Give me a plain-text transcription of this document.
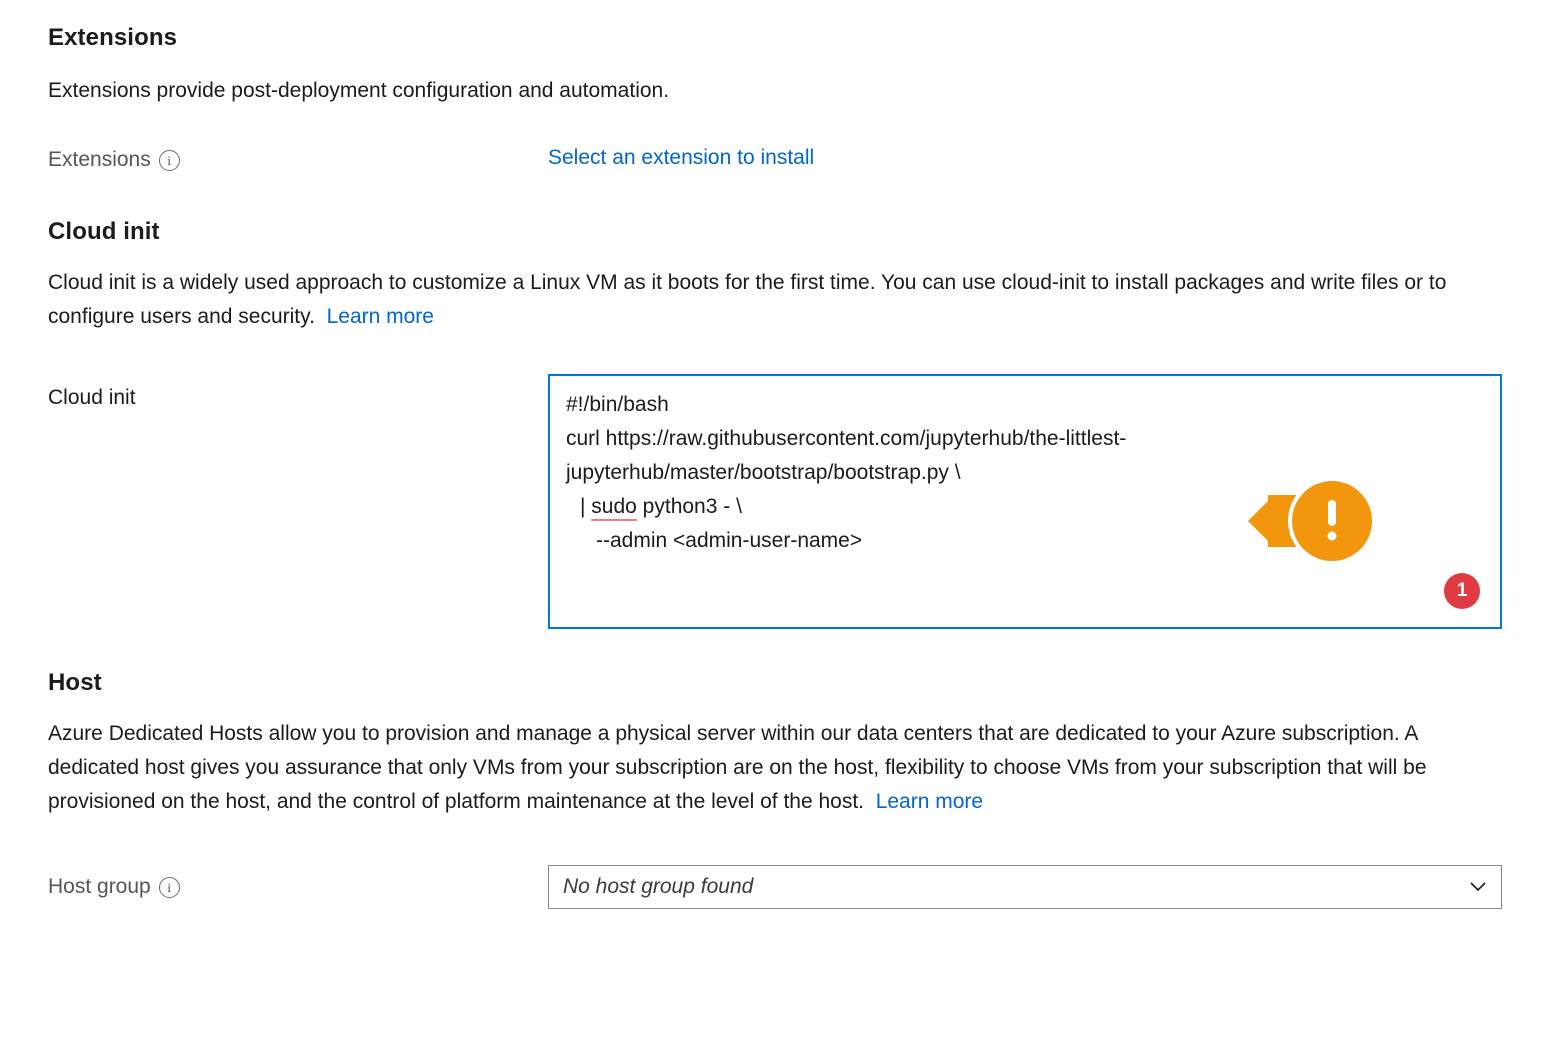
Extensions

Extensions provide post-deployment configuration and automation.

Extensions	i	Select an extension to install
Cloud init

Cloud init is a widely used approach to customize a Linux VM as it boots for the first time. You can use cloud-init to install packages and write files or to configure users and security. Learn more

Cloud init	#!/bin/bash
curl https://raw.githubusercontent.com/jupyterhub/the-littlest-jupyterhub/master/bootstrap/bootstrap.py \
| sudo python3 - \
--admin <admin-user-name>
1
Host

Azure Dedicated Hosts allow you to provision and manage a physical server within our data centers that are dedicated to your Azure subscription. A dedicated host gives you assurance that only VMs from your subscription are on the host, flexibility to choose VMs from your subscription that will be provisioned on the host, and the control of platform maintenance at the level of the host. Learn more

Host group	i	No host group found
